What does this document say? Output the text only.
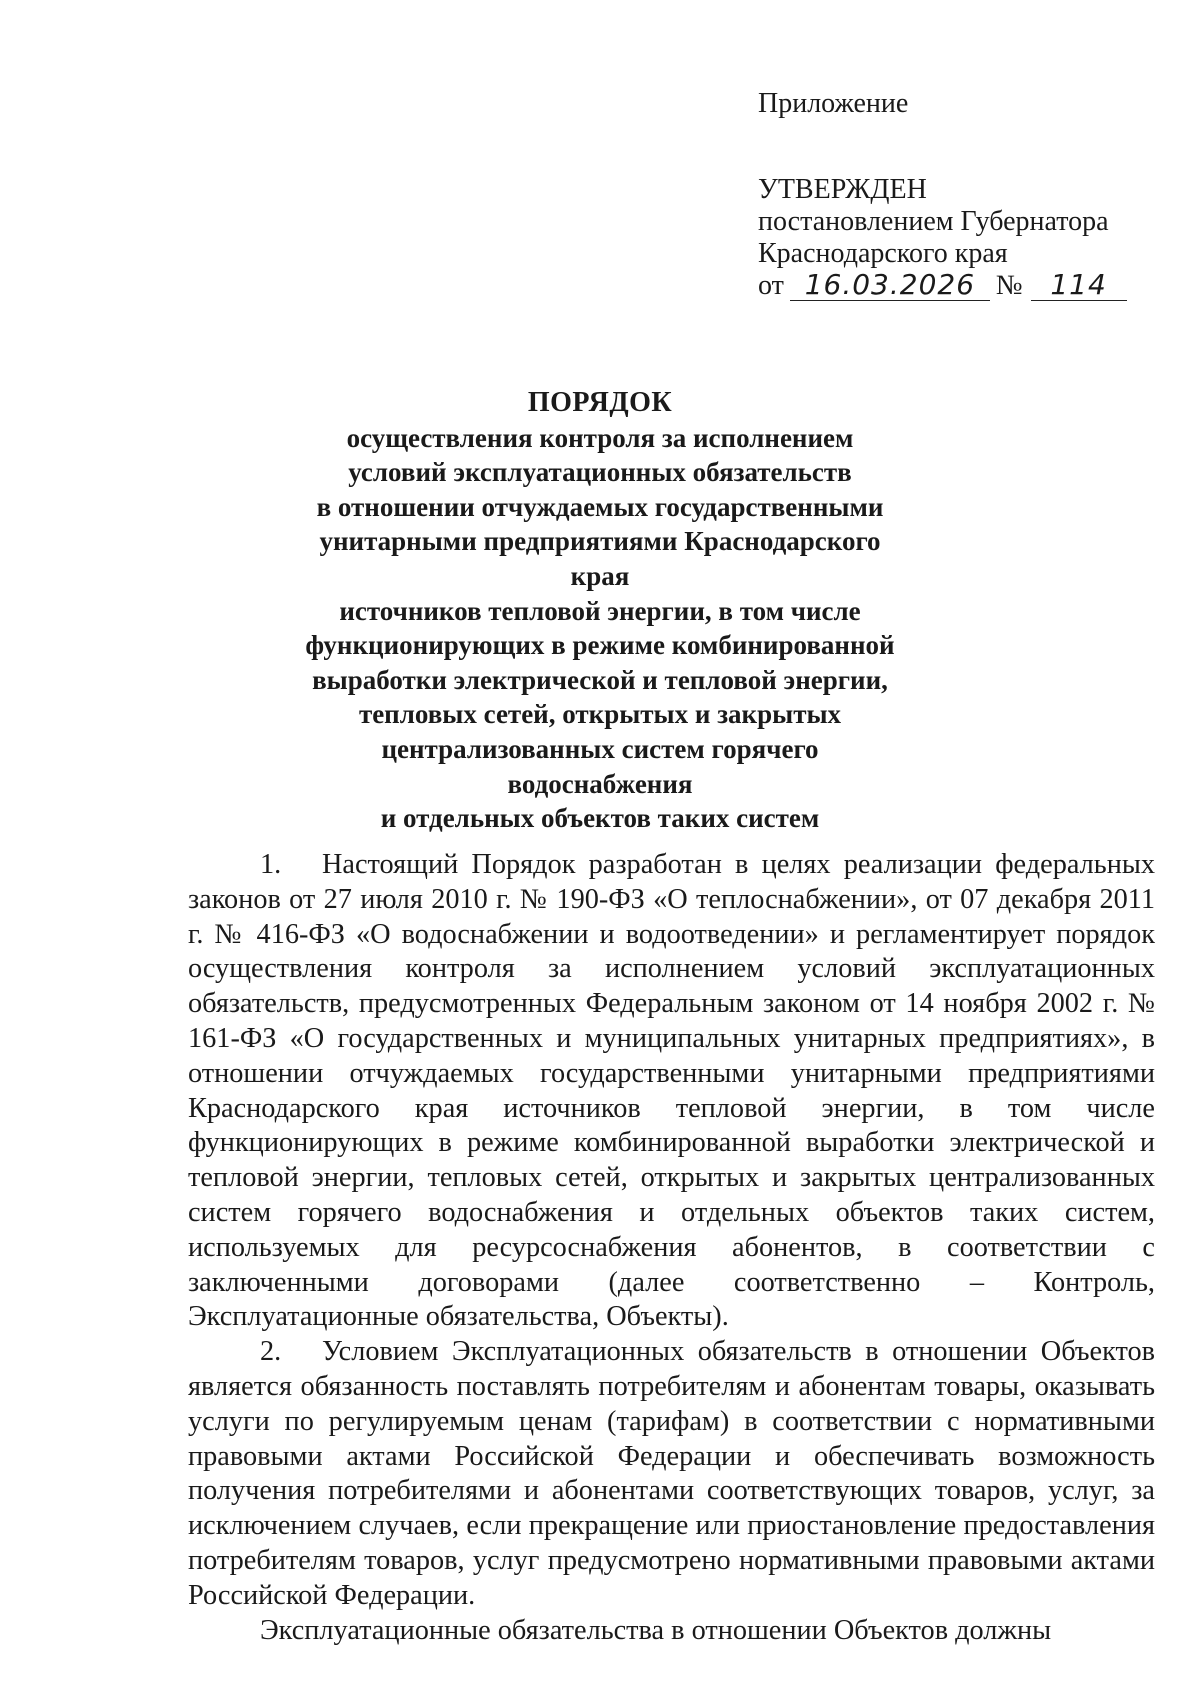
Приложение
УТВЕРЖДЕН
постановлением Губернатора
Краснодарского края
от 16.03.2026 № 114
ПОРЯДОК
осуществления контроля за исполнением
условий эксплуатационных обязательств
в отношении отчуждаемых государственными
унитарными предприятиями Краснодарского края
источников тепловой энергии, в том числе
функционирующих в режиме комбинированной
выработки электрической и тепловой энергии,
тепловых сетей, открытых и закрытых
централизованных систем горячего водоснабжения
и отдельных объектов таких систем

1. Настоящий Порядок разработан в целях реализации федеральных законов от 27 июля 2010 г. № 190-ФЗ «О теплоснабжении», от 07 декабря 2011 г. № 416-ФЗ «О водоснабжении и водоотведении» и регламентирует порядок осуществления контроля за исполнением условий эксплуатационных обязательств, предусмотренных Федеральным законом от 14 ноября 2002 г. № 161-ФЗ «О государственных и муниципальных унитарных предприятиях», в отношении отчуждаемых государственными унитарными предприятиями Краснодарского края источников тепловой энергии, в том числе функционирующих в режиме комбинированной выработки электрической и тепловой энергии, тепловых сетей, открытых и закрытых централизованных систем горячего водоснабжения и отдельных объектов таких систем, используемых для ресурсоснабжения абонентов, в соответствии с заключенными договорами (далее соответственно – Контроль, Эксплуатационные обязательства, Объекты).

2. Условием Эксплуатационных обязательств в отношении Объектов является обязанность поставлять потребителям и абонентам товары, оказывать услуги по регулируемым ценам (тарифам) в соответствии с нормативными правовыми актами Российской Федерации и обеспечивать возможность получения потребителями и абонентами соответствующих товаров, услуг, за исключением случаев, если прекращение или приостановление предоставления потребителям товаров, услуг предусмотрено нормативными правовыми актами Российской Федерации.

Эксплуатационные обязательства в отношении Объектов должны
